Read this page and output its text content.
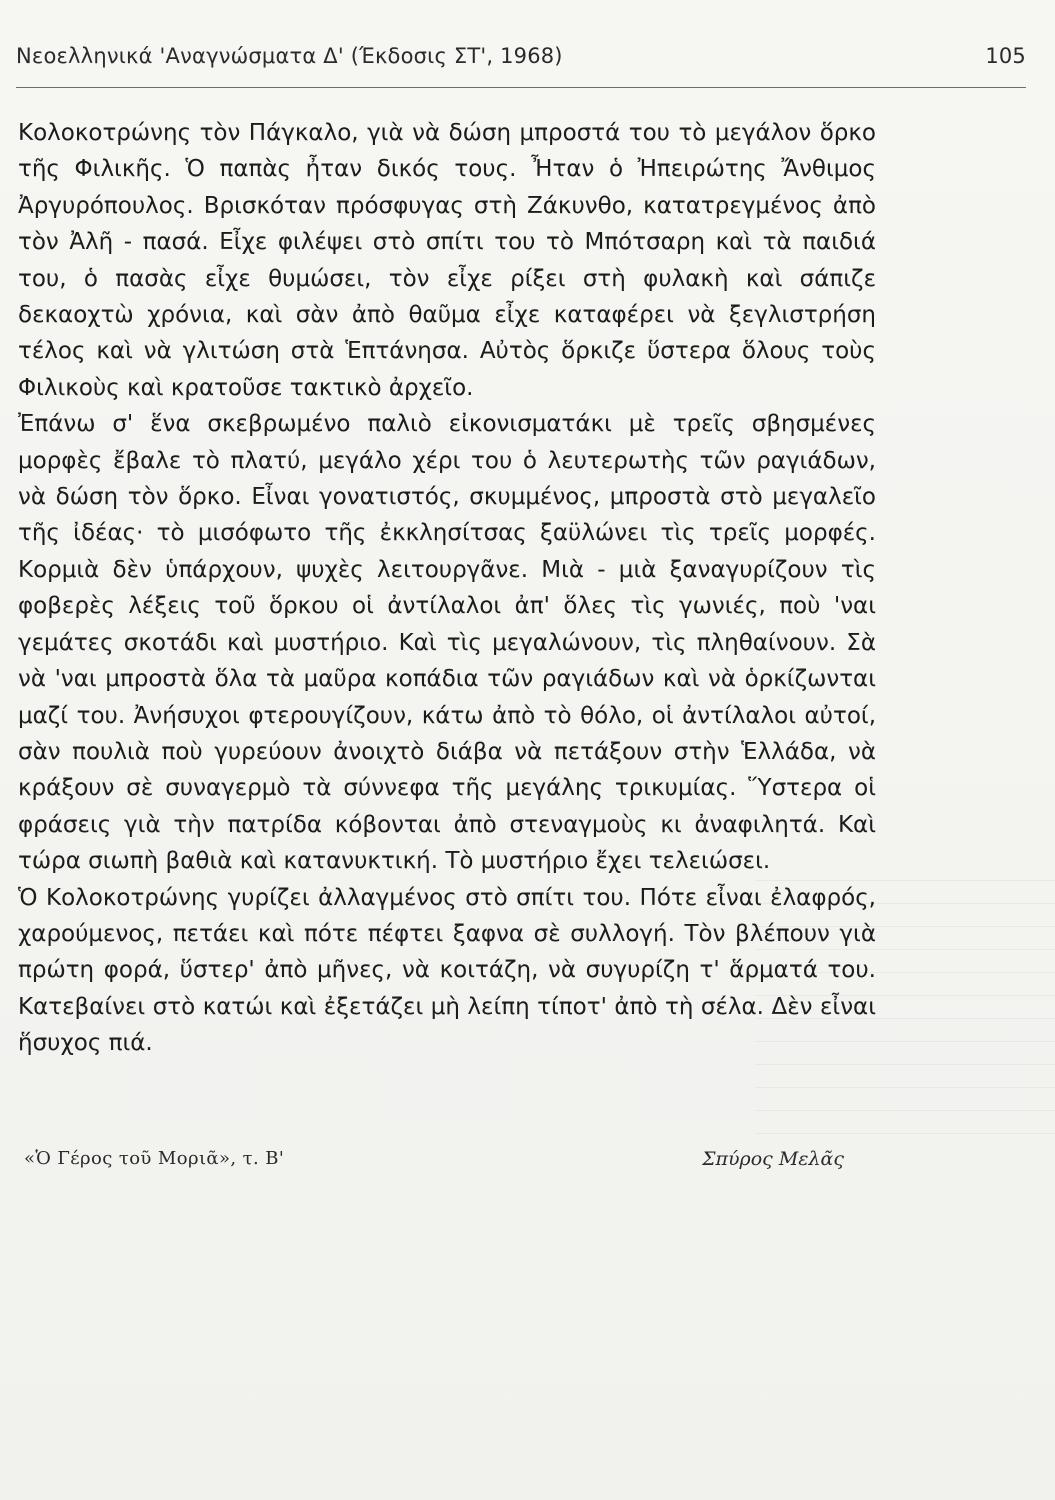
Νεοελληνικά 'Αναγνώσματα Δ' (Έκδοσις ΣΤ', 1968)	105

Κολοκοτρώνης τὸν Πάγκαλο, γιὰ νὰ δώση μπροστά του τὸ μεγάλον ὅρκο τῆς Φιλικῆς. Ὁ παπὰς ἦταν δικός τους. Ἦταν ὁ Ἠπειρώτης Ἄνθιμος Ἀργυρόπουλος. Βρισκόταν πρόσφυγας στὴ Ζάκυνθο, κατατρεγμένος ἀπὸ τὸν Ἀλῆ - πασά. Εἶχε φιλέψει στὸ σπίτι του τὸ Μπότσαρη καὶ τὰ παιδιά του, ὁ πασὰς εἶχε θυμώσει, τὸν εἶχε ρίξει στὴ φυλακὴ καὶ σάπιζε δεκαοχτὼ χρόνια, καὶ σὰν ἀπὸ θαῦμα εἶχε καταφέρει νὰ ξεγλιστρήση τέλος καὶ νὰ γλιτώση στὰ Ἑπτάνησα. Αὐτὸς ὅρκιζε ὕστερα ὅλους τοὺς Φιλικοὺς καὶ κρατοῦσε τακτικὸ ἀρχεῖο.

Ἐπάνω σ' ἕνα σκεβρωμένο παλιὸ εἰκονισματάκι μὲ τρεῖς σβησμένες μορφὲς ἔβαλε τὸ πλατύ, μεγάλο χέρι του ὁ λευτερωτὴς τῶν ραγιάδων, νὰ δώση τὸν ὅρκο. Εἶναι γονατιστός, σκυμμένος, μπροστὰ στὸ μεγαλεῖο τῆς ἰδέας· τὸ μισόφωτο τῆς ἐκκλησίτσας ξαϋλώνει τὶς τρεῖς μορφές. Κορμιὰ δὲν ὑπάρχουν, ψυχὲς λειτουργᾶνε. Μιὰ - μιὰ ξαναγυρίζουν τὶς φοβερὲς λέξεις τοῦ ὅρκου οἱ ἀντίλαλοι ἀπ' ὅλες τὶς γωνιές, ποὺ 'ναι γεμάτες σκοτάδι καὶ μυστήριο. Καὶ τὶς μεγαλώνουν, τὶς πληθαίνουν. Σὰ νὰ 'ναι μπροστὰ ὅλα τὰ μαῦρα κοπάδια τῶν ραγιάδων καὶ νὰ ὁρκίζωνται μαζί του. Ἀνήσυχοι φτερουγίζουν, κάτω ἀπὸ τὸ θόλο, οἱ ἀντίλαλοι αὐτοί, σὰν πουλιὰ ποὺ γυρεύουν ἀνοιχτὸ διάβα νὰ πετάξουν στὴν Ἑλλάδα, νὰ κράξουν σὲ συναγερμὸ τὰ σύννεφα τῆς μεγάλης τρικυμίας. Ὕστερα οἱ φράσεις γιὰ τὴν πατρίδα κόβονται ἀπὸ στεναγμοὺς κι ἀναφιλητά. Καὶ τώρα σιωπὴ βαθιὰ καὶ κατανυκτική. Τὸ μυστήριο ἔχει τελειώσει.

Ὁ Κολοκοτρώνης γυρίζει ἀλλαγμένος στὸ σπίτι του. Πότε εἶναι ἐλαφρός, χαρούμενος, πετάει καὶ πότε πέφτει ξαφνα σὲ συλλογή. Τὸν βλέπουν γιὰ πρώτη φορά, ὕστερ' ἀπὸ μῆνες, νὰ κοιτάζη, νὰ συγυρίζη τ' ἅρματά του. Κατεβαίνει στὸ κατώι καὶ ἐξετάζει μὴ λείπη τίποτ' ἀπὸ τὴ σέλα. Δὲν εἶναι ἥσυχος πιά.

«Ὁ Γέρος τοῦ Μοριᾶ», τ. Β'	Σπύρος Μελᾶς
